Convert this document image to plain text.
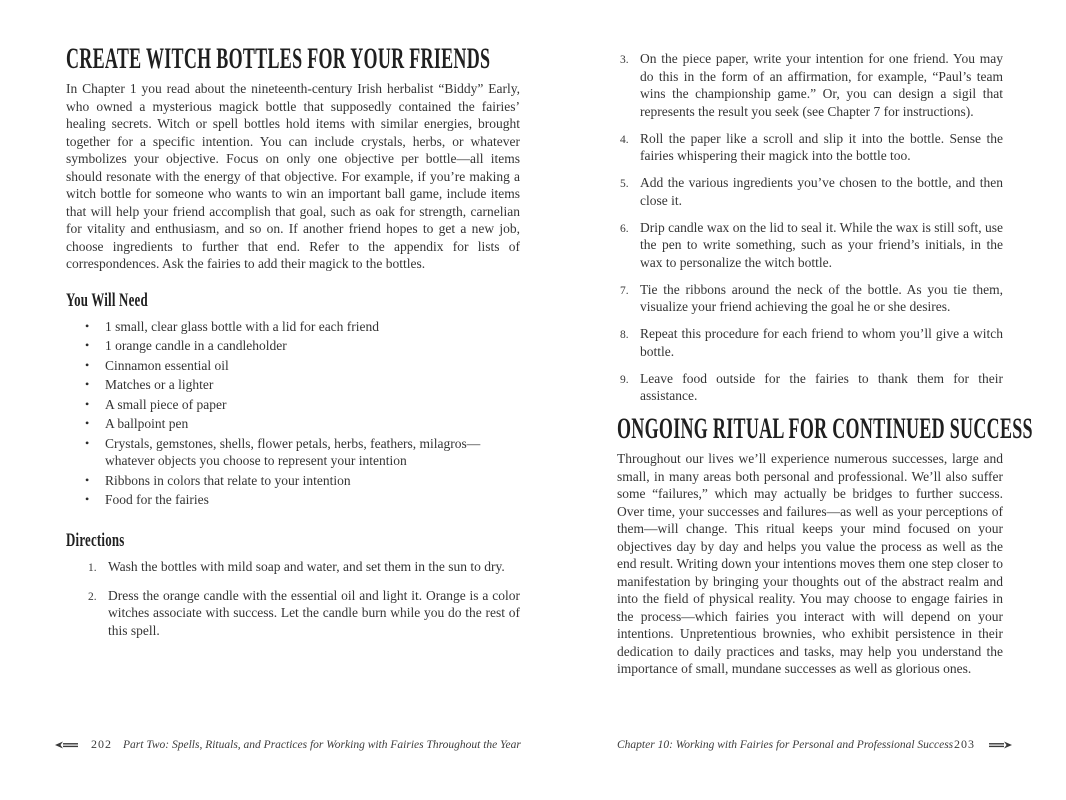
CREATE WITCH BOTTLES FOR YOUR FRIENDS

In Chapter 1 you read about the nineteenth-century Irish herbalist “Biddy” Early, who owned a mysterious magick bottle that supposedly contained the fairies’ healing secrets. Witch or spell bottles hold items with similar energies, brought together for a specific intention. You can include crystals, herbs, or whatever symbolizes your objective. Focus on only one objective per bottle—all items should resonate with the energy of that objective. For example, if you’re making a witch bottle for someone who wants to win an important ball game, include items that will help your friend accomplish that goal, such as oak for strength, carnelian for vitality and enthusiasm, and so on. If another friend hopes to get a new job, choose ingredients to further that end. Refer to the appendix for lists of correspondences. Ask the fairies to add their magick to the bottles.

You Will Need
•	1 small, clear glass bottle with a lid for each friend
•	1 orange candle in a candleholder
•	Cinnamon essential oil
•	Matches or a lighter
•	A small piece of paper
•	A ballpoint pen
•	Crystals, gemstones, shells, flower petals, herbs, feathers, milagros—whatever objects you choose to represent your intention
•	Ribbons in colors that relate to your intention
•	Food for the fairies
Directions
1. Wash the bottles with mild soap and water, and set them in the sun to dry.
2. Dress the orange candle with the essential oil and light it. Orange is a color witches associate with success. Let the candle burn while you do the rest of this spell.
3. On the piece paper, write your intention for one friend. You may do this in the form of an affirmation, for example, “Paul’s team wins the championship game.” Or, you can design a sigil that represents the result you seek (see Chapter 7 for instructions).
4. Roll the paper like a scroll and slip it into the bottle. Sense the fairies whispering their magick into the bottle too.
5. Add the various ingredients you’ve chosen to the bottle, and then close it.
6. Drip candle wax on the lid to seal it. While the wax is still soft, use the pen to write something, such as your friend’s initials, in the wax to personalize the witch bottle.
7. Tie the ribbons around the neck of the bottle. As you tie them, visualize your friend achieving the goal he or she desires.
8. Repeat this procedure for each friend to whom you’ll give a witch bottle.
9. Leave food outside for the fairies to thank them for their assistance.
ONGOING RITUAL FOR CONTINUED SUCCESS

Throughout our lives we’ll experience numerous successes, large and small, in many areas both personal and professional. We’ll also suffer some “failures,” which may actually be bridges to further success. Over time, your successes and failures—as well as your perceptions of them—will change. This ritual keeps your mind focused on your objectives day by day and helps you value the process as well as the end result. Writing down your intentions moves them one step closer to manifestation by bringing your thoughts out of the abstract realm and into the field of physical reality. You may choose to engage fairies in the process—which fairies you interact with will depend on your intentions. Unpretentious brownies, who exhibit persistence in their dedication to daily practices and tasks, may help you understand the importance of small, mundane successes as well as glorious ones.

202 Part Two: Spells, Rituals, and Practices for Working with Fairies Throughout the Year	Chapter 10: Working with Fairies for Personal and Professional Success 203
